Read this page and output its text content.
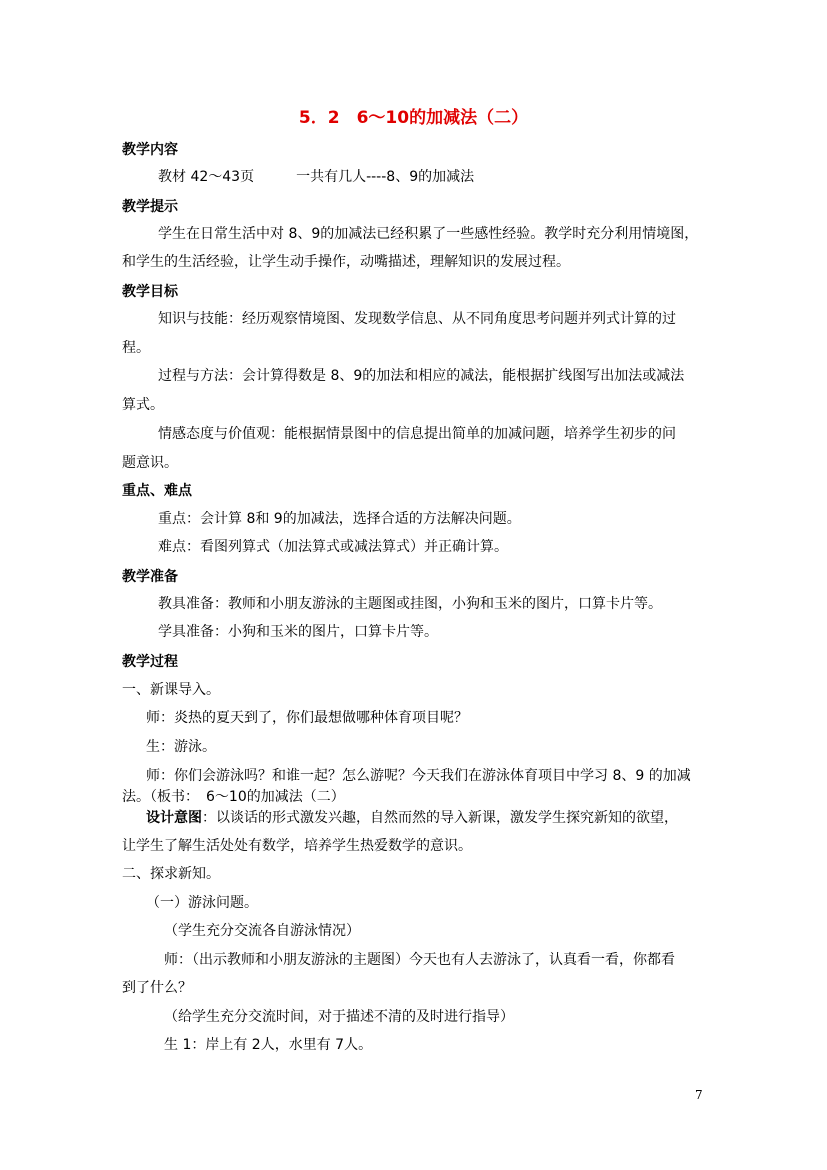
5．2　6～10的加减法（二）
教学内容
教材 42～43页　　　一共有几人----8、9的加减法
教学提示
学生在日常生活中对 8、9的加减法已经积累了一些感性经验。教学时充分利用情境图，
和学生的生活经验，让学生动手操作，动嘴描述，理解知识的发展过程。
教学目标
知识与技能：经历观察情境图、发现数学信息、从不同角度思考问题并列式计算的过
程。
过程与方法：会计算得数是 8、9的加法和相应的减法，能根据扩线图写出加法或减法
算式。
情感态度与价值观：能根据情景图中的信息提出简单的加减问题，培养学生初步的问
题意识。
重点、难点
重点：会计算 8和 9的加减法，选择合适的方法解决问题。
难点：看图列算式（加法算式或减法算式）并正确计算。
教学准备
教具准备：教师和小朋友游泳的主题图或挂图，小狗和玉米的图片，口算卡片等。
学具准备：小狗和玉米的图片，口算卡片等。
教学过程
一、新课导入。
师：炎热的夏天到了，你们最想做哪种体育项目呢？
生：游泳。
师：你们会游泳吗？和谁一起？怎么游呢？今天我们在游泳体育项目中学习 8、9 的加减
法。（板书：　6～10的加减法（二）
设计意图：以谈话的形式激发兴趣，自然而然的导入新课，激发学生探究新知的欲望，
让学生了解生活处处有数学，培养学生热爱数学的意识。
二、探求新知。
（一）游泳问题。
（学生充分交流各自游泳情况）
师：（出示教师和小朋友游泳的主题图）今天也有人去游泳了，认真看一看，你都看
到了什么？
（给学生充分交流时间，对于描述不清的及时进行指导）
生 1：岸上有 2人，水里有 7人。
7
